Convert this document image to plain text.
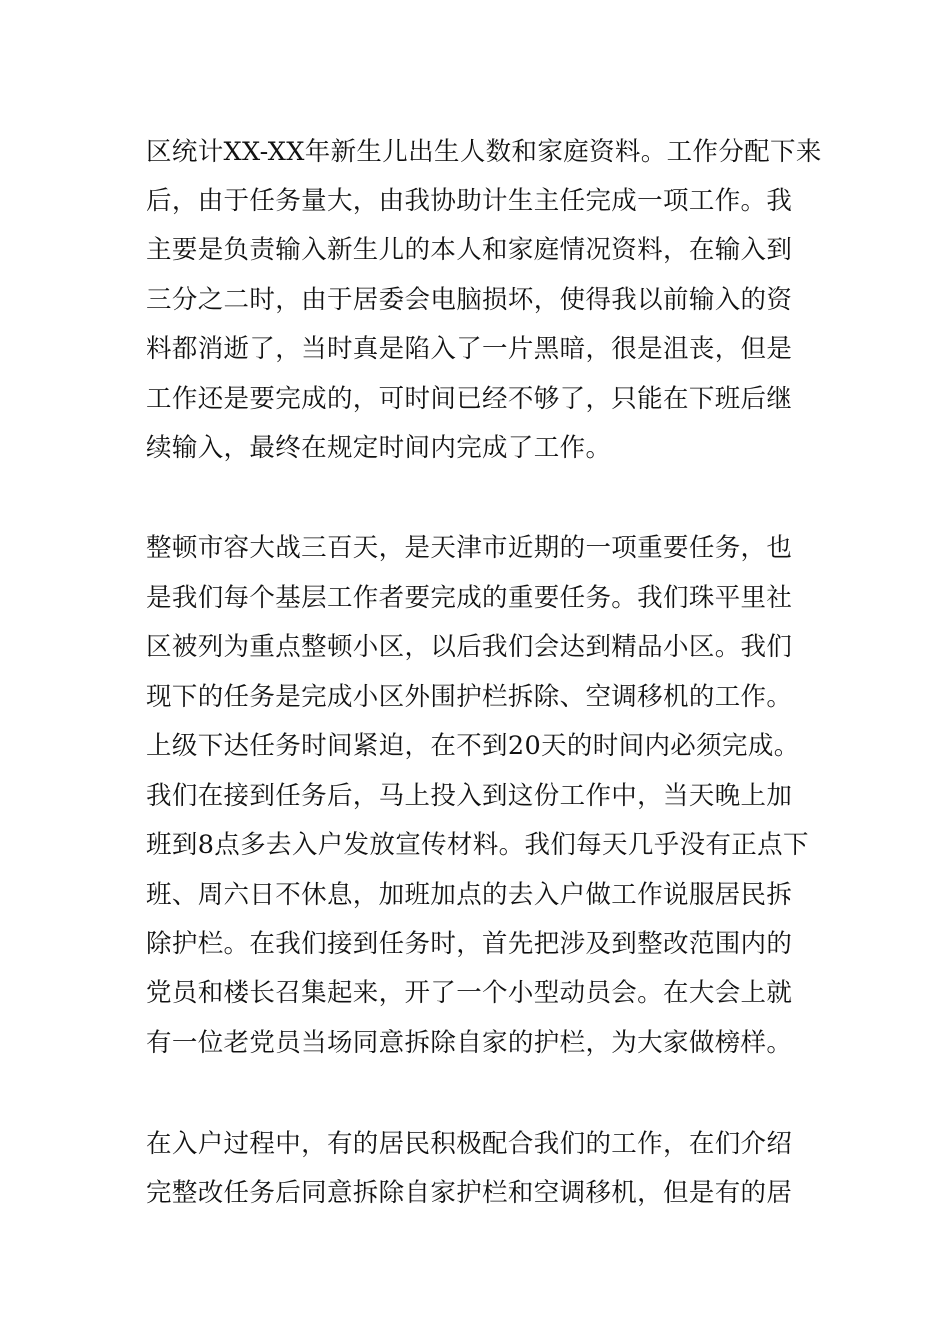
区统计XX-XX年新生儿出生人数和家庭资料。工作分配下来
后，由于任务量大，由我协助计生主任完成一项工作。我
主要是负责输入新生儿的本人和家庭情况资料，在输入到
三分之二时，由于居委会电脑损坏，使得我以前输入的资
料都消逝了，当时真是陷入了一片黑暗，很是沮丧，但是
工作还是要完成的，可时间已经不够了，只能在下班后继
续输入，最终在规定时间内完成了工作。
整顿市容大战三百天，是天津市近期的一项重要任务，也
是我们每个基层工作者要完成的重要任务。我们珠平里社
区被列为重点整顿小区，以后我们会达到精品小区。我们
现下的任务是完成小区外围护栏拆除、空调移机的工作。
上级下达任务时间紧迫，在不到20天的时间内必须完成。
我们在接到任务后，马上投入到这份工作中，当天晚上加
班到8点多去入户发放宣传材料。我们每天几乎没有正点下
班、周六日不休息，加班加点的去入户做工作说服居民拆
除护栏。在我们接到任务时，首先把涉及到整改范围内的
党员和楼长召集起来，开了一个小型动员会。在大会上就
有一位老党员当场同意拆除自家的护栏，为大家做榜样。
在入户过程中，有的居民积极配合我们的工作，在们介绍
完整改任务后同意拆除自家护栏和空调移机，但是有的居
